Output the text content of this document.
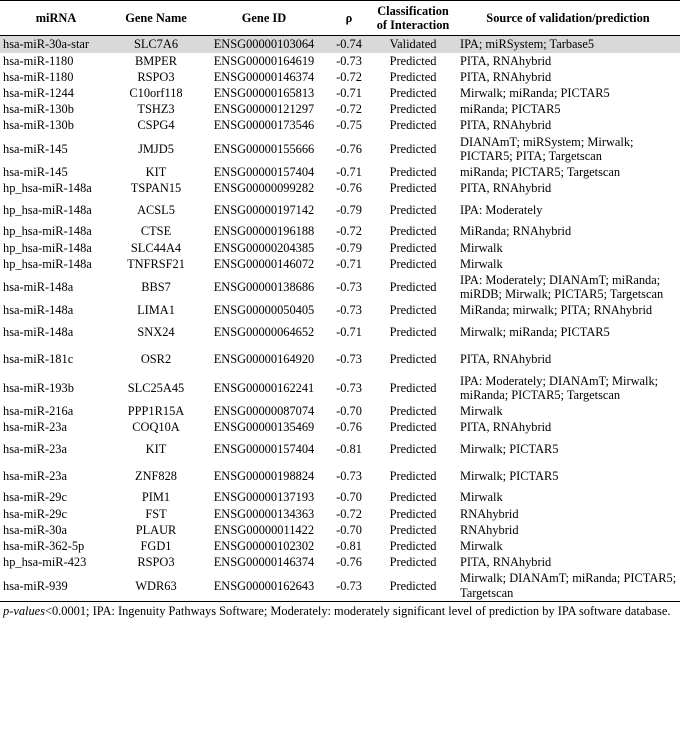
miRNA	Gene Name	Gene ID	ρ	Classification of Interaction	Source of validation/prediction
hsa-miR-30a-star	SLC7A6	ENSG00000103064	-0.74	Validated	IPA; miRSystem; Tarbase5
hsa-miR-1180	BMPER	ENSG00000164619	-0.73	Predicted	PITA, RNAhybrid
hsa-miR-1180	RSPO3	ENSG00000146374	-0.72	Predicted	PITA, RNAhybrid
hsa-miR-1244	C10orf118	ENSG00000165813	-0.71	Predicted	Mirwalk; miRanda; PICTAR5
hsa-miR-130b	TSHZ3	ENSG00000121297	-0.72	Predicted	miRanda; PICTAR5
hsa-miR-130b	CSPG4	ENSG00000173546	-0.75	Predicted	PITA, RNAhybrid
hsa-miR-145	JMJD5	ENSG00000155666	-0.76	Predicted	DIANAmT; miRSystem; Mirwalk; PICTAR5; PITA; Targetscan
hsa-miR-145	KIT	ENSG00000157404	-0.71	Predicted	miRanda; PICTAR5; Targetscan
hp_hsa-miR-148a	TSPAN15	ENSG00000099282	-0.76	Predicted	PITA, RNAhybrid
hp_hsa-miR-148a	ACSL5	ENSG00000197142	-0.79	Predicted	IPA: Moderately
hp_hsa-miR-148a	CTSE	ENSG00000196188	-0.72	Predicted	MiRanda; RNAhybrid
hp_hsa-miR-148a	SLC44A4	ENSG00000204385	-0.79	Predicted	Mirwalk
hp_hsa-miR-148a	TNFRSF21	ENSG00000146072	-0.71	Predicted	Mirwalk
hsa-miR-148a	BBS7	ENSG00000138686	-0.73	Predicted	IPA: Moderately; DIANAmT; miRanda; miRDB; Mirwalk; PICTAR5; Targetscan
hsa-miR-148a	LIMA1	ENSG00000050405	-0.73	Predicted	MiRanda; mirwalk; PITA; RNAhybrid
hsa-miR-148a	SNX24	ENSG00000064652	-0.71	Predicted	Mirwalk; miRanda; PICTAR5
hsa-miR-181c	OSR2	ENSG00000164920	-0.73	Predicted	PITA, RNAhybrid
hsa-miR-193b	SLC25A45	ENSG00000162241	-0.73	Predicted	IPA: Moderately; DIANAmT; Mirwalk; miRanda; PICTAR5; Targetscan
hsa-miR-216a	PPP1R15A	ENSG00000087074	-0.70	Predicted	Mirwalk
hsa-miR-23a	COQ10A	ENSG00000135469	-0.76	Predicted	PITA, RNAhybrid
hsa-miR-23a	KIT	ENSG00000157404	-0.81	Predicted	Mirwalk; PICTAR5
hsa-miR-23a	ZNF828	ENSG00000198824	-0.73	Predicted	Mirwalk; PICTAR5
hsa-miR-29c	PIM1	ENSG00000137193	-0.70	Predicted	Mirwalk
hsa-miR-29c	FST	ENSG00000134363	-0.72	Predicted	RNAhybrid
hsa-miR-30a	PLAUR	ENSG00000011422	-0.70	Predicted	RNAhybrid
hsa-miR-362-5p	FGD1	ENSG00000102302	-0.81	Predicted	Mirwalk
hp_hsa-miR-423	RSPO3	ENSG00000146374	-0.76	Predicted	PITA, RNAhybrid
hsa-miR-939	WDR63	ENSG00000162643	-0.73	Predicted	Mirwalk; DIANAmT; miRanda; PICTAR5; Targetscan
p-values<0.0001; IPA: Ingenuity Pathways Software; Moderately: moderately significant level of prediction by IPA software database.
